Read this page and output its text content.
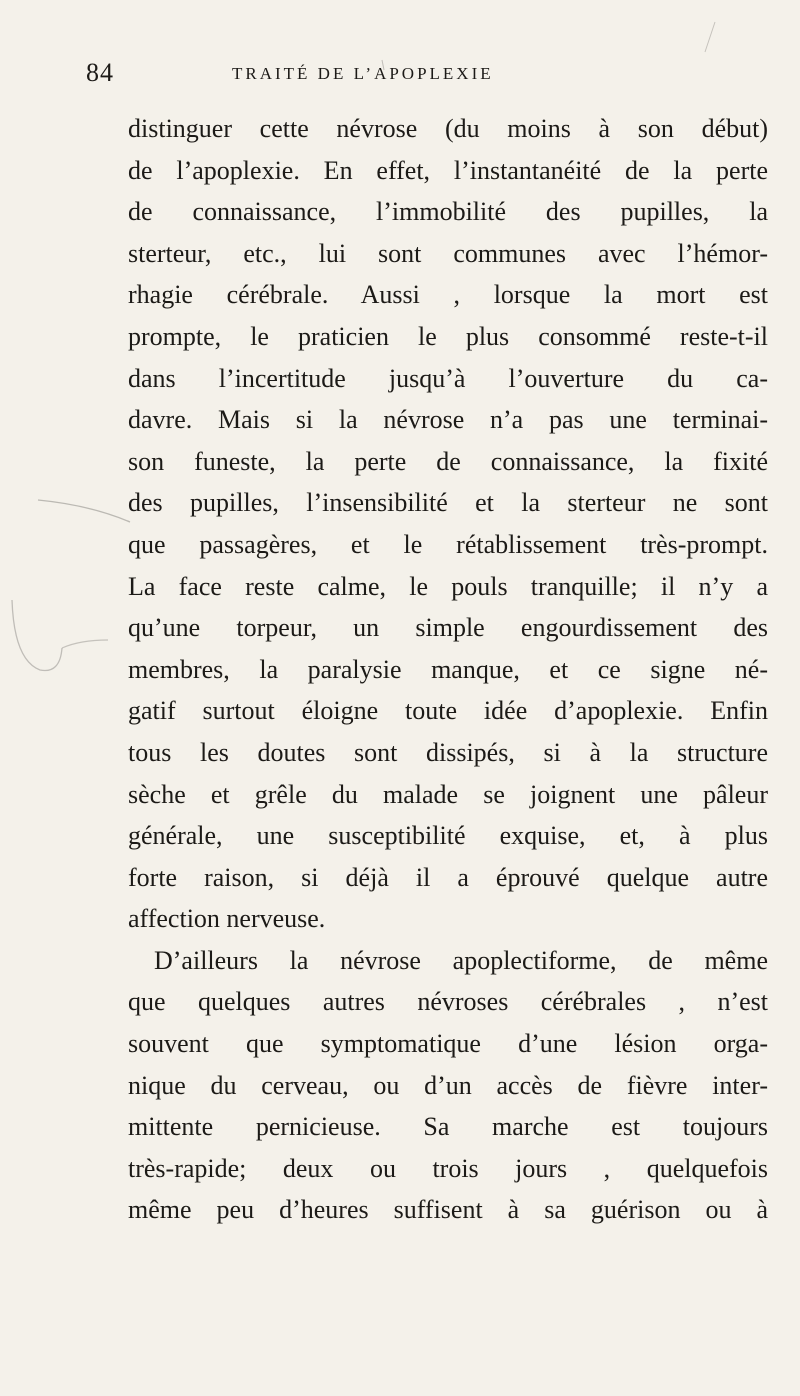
84	TRAITÉ DE L’APOPLEXIE
distinguer cette névrose (du moins à son début)
de l’apoplexie. En effet, l’instantanéité de la perte
de connaissance, l’immobilité des pupilles, la
sterteur, etc., lui sont communes avec l’hémor-
rhagie cérébrale. Aussi , lorsque la mort est
prompte, le praticien le plus consommé reste-t-il
dans l’incertitude jusqu’à l’ouverture du ca-
davre. Mais si la névrose n’a pas une terminai-
son funeste, la perte de connaissance, la fixité
des pupilles, l’insensibilité et la sterteur ne sont
que passagères, et le rétablissement très-prompt.
La face reste calme, le pouls tranquille; il n’y a
qu’une torpeur, un simple engourdissement des
membres, la paralysie manque, et ce signe né-
gatif surtout éloigne toute idée d’apoplexie. Enfin
tous les doutes sont dissipés, si à la structure
sèche et grêle du malade se joignent une pâleur
générale, une susceptibilité exquise, et, à plus
forte raison, si déjà il a éprouvé quelque autre
affection nerveuse.
D’ailleurs la névrose apoplectiforme, de même
que quelques autres névroses cérébrales , n’est
souvent que symptomatique d’une lésion orga-
nique du cerveau, ou d’un accès de fièvre inter-
mittente pernicieuse. Sa marche est toujours
très-rapide; deux ou trois jours , quelquefois
même peu d’heures suffisent à sa guérison ou à
